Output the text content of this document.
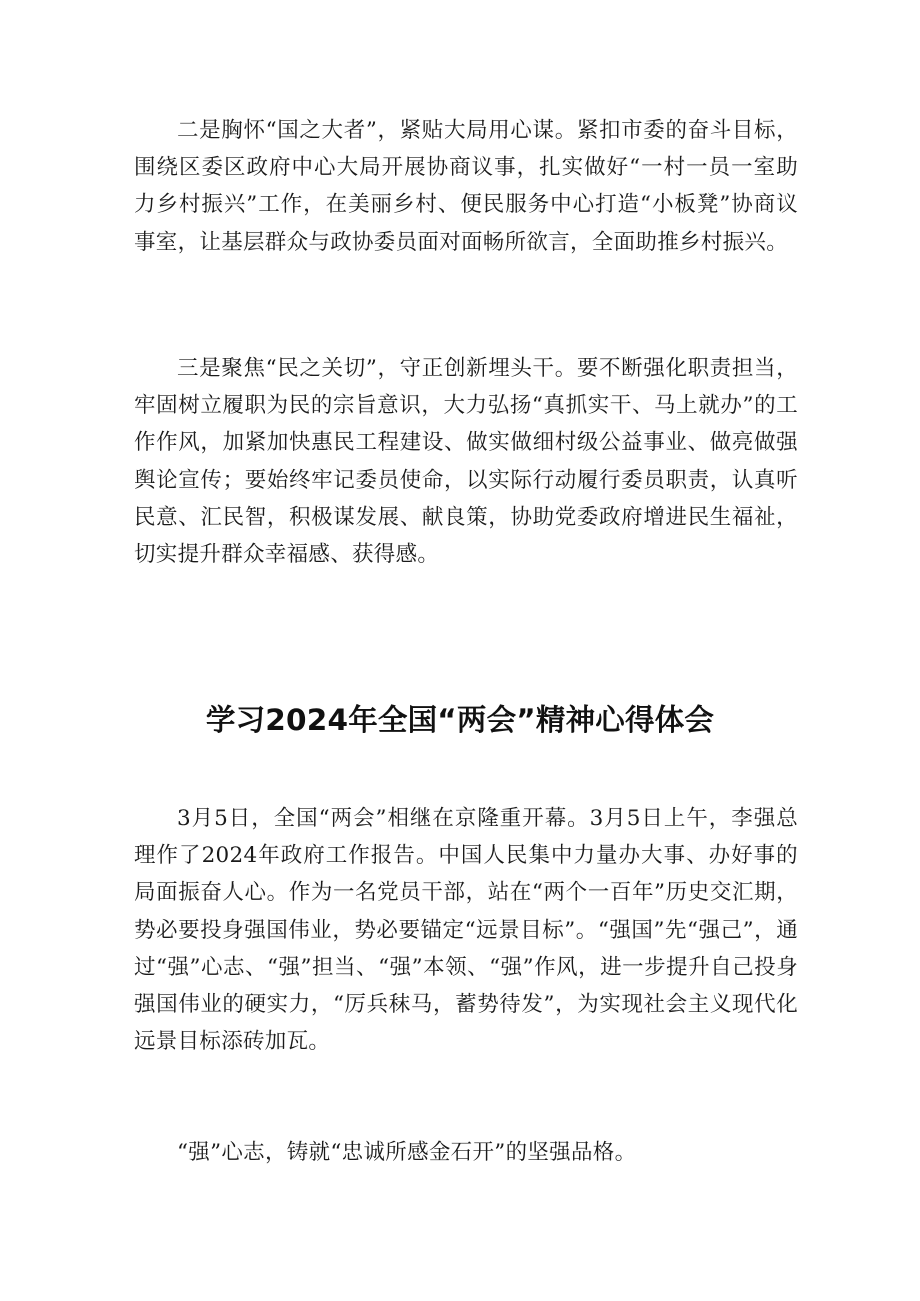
二是胸怀“国之大者”，紧贴大局用心谋。紧扣市委的奋斗目标，围绕区委区政府中心大局开展协商议事，扎实做好“一村一员一室助力乡村振兴”工作，在美丽乡村、便民服务中心打造“小板凳”协商议事室，让基层群众与政协委员面对面畅所欲言，全面助推乡村振兴。

三是聚焦“民之关切”，守正创新埋头干。要不断强化职责担当，牢固树立履职为民的宗旨意识，大力弘扬“真抓实干、马上就办”的工作作风，加紧加快惠民工程建设、做实做细村级公益事业、做亮做强舆论宣传；要始终牢记委员使命，以实际行动履行委员职责，认真听民意、汇民智，积极谋发展、献良策，协助党委政府增进民生福祉，切实提升群众幸福感、获得感。

学习2024年全国“两会”精神心得体会

3月5日，全国“两会”相继在京隆重开幕。3月5日上午，李强总理作了2024年政府工作报告。中国人民集中力量办大事、办好事的局面振奋人心。作为一名党员干部，站在“两个一百年”历史交汇期，势必要投身强国伟业，势必要锚定“远景目标”。“强国”先“强己”，通过“强”心志、“强”担当、“强”本领、“强”作风，进一步提升自己投身强国伟业的硬实力，“厉兵秣马，蓄势待发”，为实现社会主义现代化远景目标添砖加瓦。

“强”心志，铸就“忠诚所感金石开”的坚强品格。
